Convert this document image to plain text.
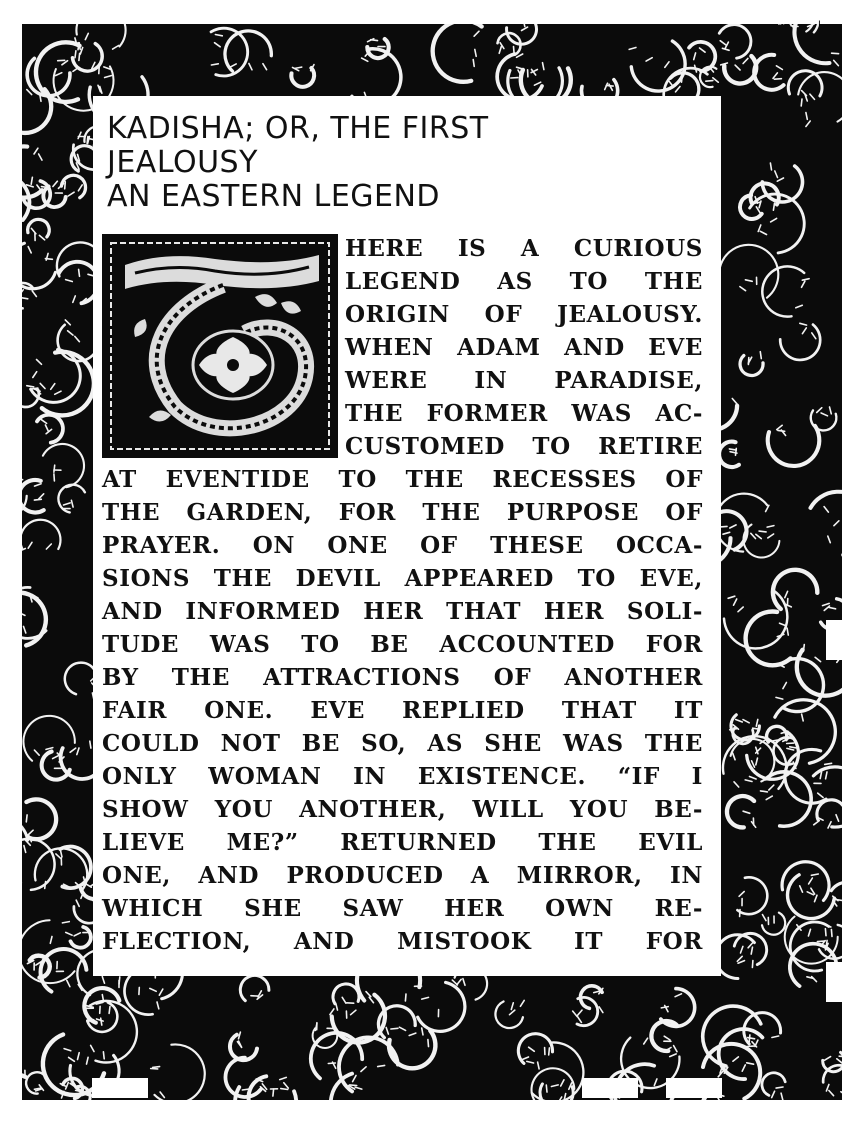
ı
KADISHA; OR, THE FIRST
JEALOUSY
AN EASTERN LEGEND
HERE IS A CURIOUS
LEGEND AS TO THE
ORIGIN OF JEALOUSY.
WHEN ADAM AND EVE
WERE IN PARADISE,
THE FORMER WAS AC-
CUSTOMED TO RETIRE
AT EVENTIDE TO THE RECESSES OF
THE GARDEN, FOR THE PURPOSE OF
PRAYER. ON ONE OF THESE OCCA-
SIONS THE DEVIL APPEARED TO EVE,
AND INFORMED HER THAT HER SOLI-
TUDE WAS TO BE ACCOUNTED FOR
BY THE ATTRACTIONS OF ANOTHER
FAIR ONE. EVE REPLIED THAT IT
COULD NOT BE SO, AS SHE WAS THE
ONLY WOMAN IN EXISTENCE. “IF I
SHOW YOU ANOTHER, WILL YOU BE-
LIEVE ME?” RETURNED THE EVIL
ONE, AND PRODUCED A MIRROR, IN
WHICH SHE SAW HER OWN RE-
FLECTION, AND MISTOOK IT FOR
